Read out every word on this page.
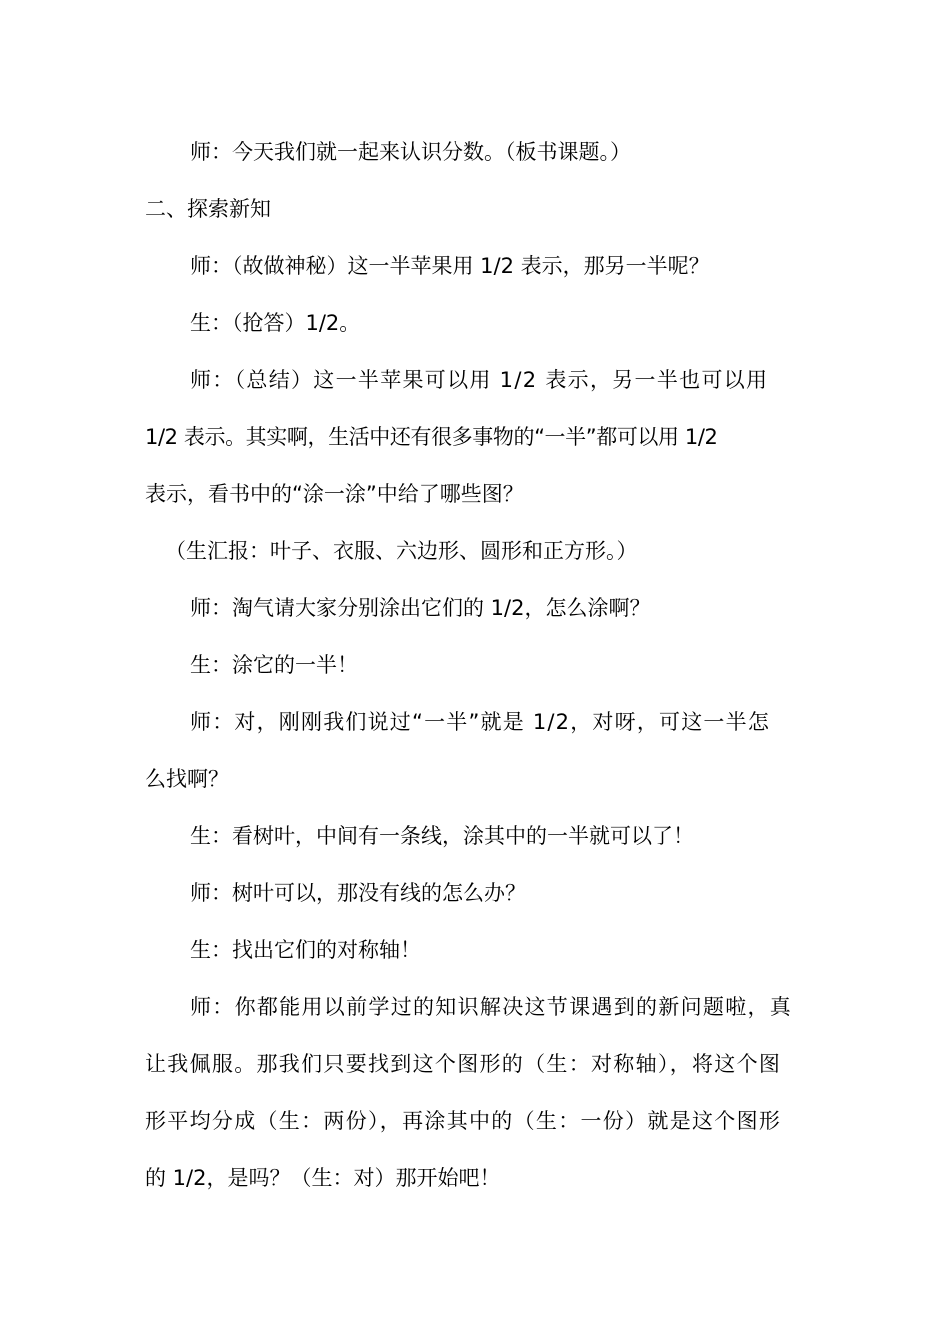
师：今天我们就一起来认识分数。（板书课题。）
二、探索新知
师：（故做神秘）这一半苹果用 1/2 表示，那另一半呢？
生：（抢答）1/2。
师：（总结）这一半苹果可以用 1/2 表示，另一半也可以用
1/2 表示。其实啊，生活中还有很多事物的“一半”都可以用 1/2
表示，看书中的“涂一涂”中给了哪些图？
（生汇报：叶子、衣服、六边形、圆形和正方形。）
师：淘气请大家分别涂出它们的 1/2，怎么涂啊？
生：涂它的一半！
师：对，刚刚我们说过“一半”就是 1/2，对呀，可这一半怎
么找啊？
生：看树叶，中间有一条线，涂其中的一半就可以了！
师：树叶可以，那没有线的怎么办？
生：找出它们的对称轴！
师：你都能用以前学过的知识解决这节课遇到的新问题啦，真
让我佩服。那我们只要找到这个图形的（生：对称轴），将这个图
形平均分成（生：两份），再涂其中的（生：一份）就是这个图形
的 1/2，是吗？（生：对）那开始吧！
